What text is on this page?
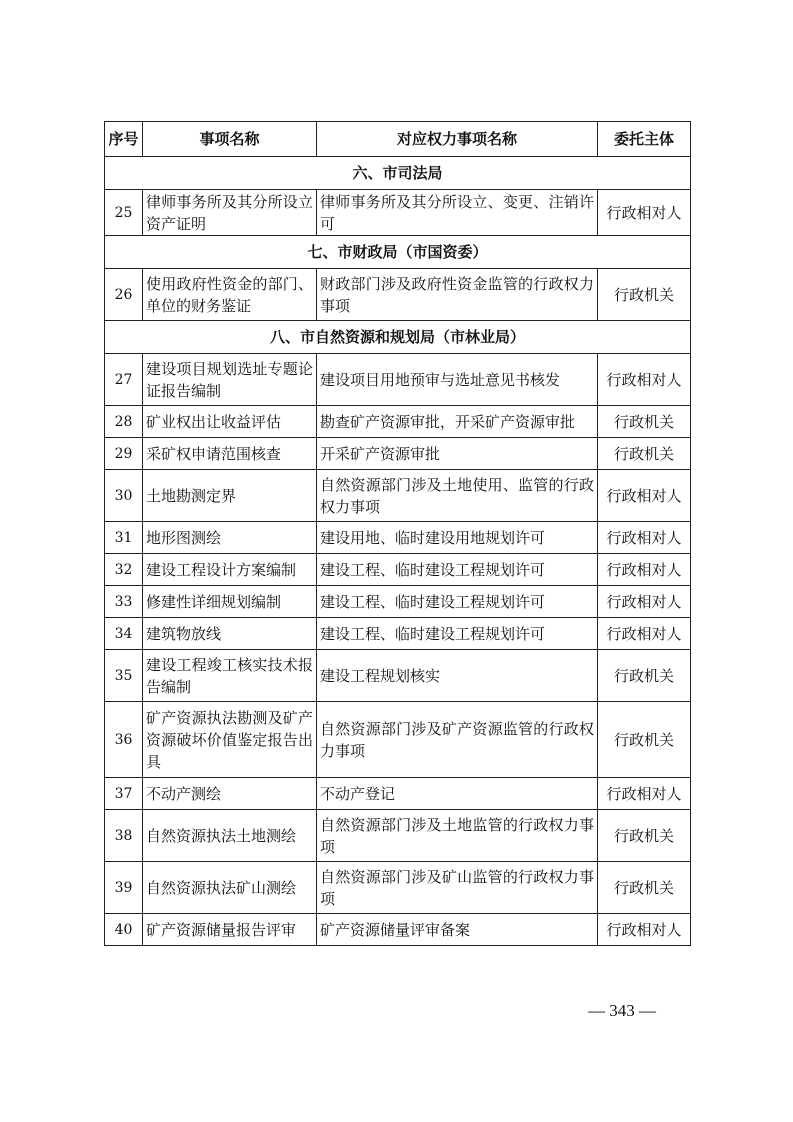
序号	事项名称	对应权力事项名称	委托主体
六、市司法局			
25	律师事务所及其分所设立资产证明	律师事务所及其分所设立、变更、注销许可	行政相对人
七、市财政局（市国资委）			
26	使用政府性资金的部门、单位的财务鉴证	财政部门涉及政府性资金监管的行政权力事项	行政机关
八、市自然资源和规划局（市林业局）			
27	建设项目规划选址专题论证报告编制	建设项目用地预审与选址意见书核发	行政相对人
28	矿业权出让收益评估	勘查矿产资源审批，开采矿产资源审批	行政机关
29	采矿权申请范围核查	开采矿产资源审批	行政机关
30	土地勘测定界	自然资源部门涉及土地使用、监管的行政权力事项	行政相对人
31	地形图测绘	建设用地、临时建设用地规划许可	行政相对人
32	建设工程设计方案编制	建设工程、临时建设工程规划许可	行政相对人
33	修建性详细规划编制	建设工程、临时建设工程规划许可	行政相对人
34	建筑物放线	建设工程、临时建设工程规划许可	行政相对人
35	建设工程竣工核实技术报告编制	建设工程规划核实	行政机关
36	矿产资源执法勘测及矿产资源破坏价值鉴定报告出具	自然资源部门涉及矿产资源监管的行政权力事项	行政机关
37	不动产测绘	不动产登记	行政相对人
38	自然资源执法土地测绘	自然资源部门涉及土地监管的行政权力事项	行政机关
39	自然资源执法矿山测绘	自然资源部门涉及矿山监管的行政权力事项	行政机关
40	矿产资源储量报告评审	矿产资源储量评审备案	行政相对人
— 343 —
